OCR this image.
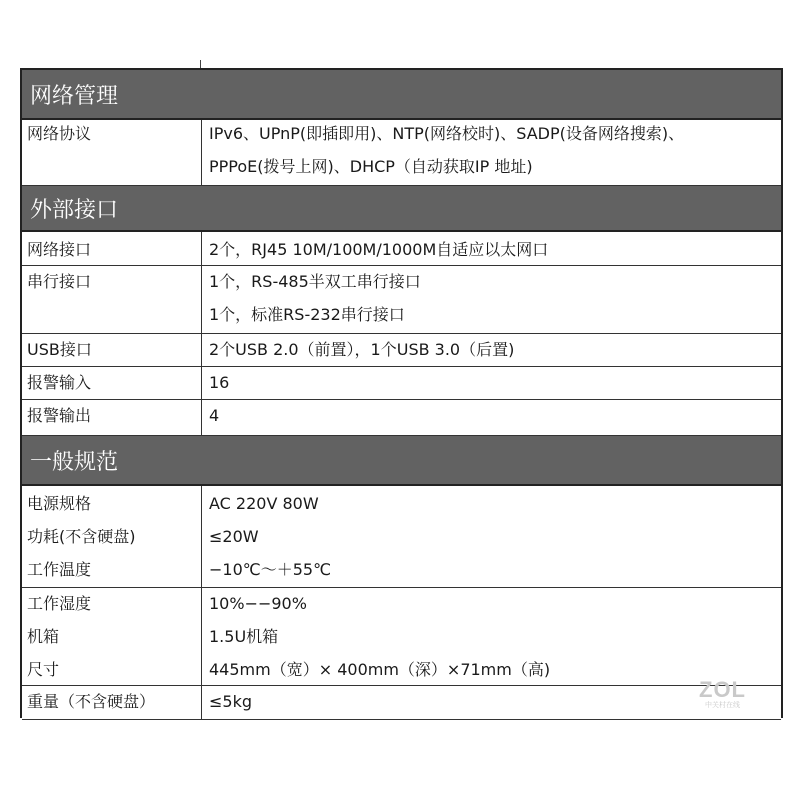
网络管理
网络协议	IPv6、UPnP(即插即用)、NTP(网络校时)、SADP(设备网络搜索)、
PPPoE(拨号上网)、DHCP（自动获取IP 地址)
外部接口
网络接口	2个，RJ45 10M/100M/1000M自适应以太网口
串行接口	1个，RS-485半双工串行接口
1个，标准RS-232串行接口
USB接口	2个USB 2.0（前置），1个USB 3.0（后置)
报警输入	16
报警输出	4
一般规范
电源规格	AC 220V 80W
功耗(不含硬盘)	≤20W
工作温度	−10℃～＋55℃
工作湿度	10%−−90%
机箱	1.5U机箱
尺寸	445mm（宽）× 400mm（深）×71mm（高)
重量（不含硬盘）	≤5kg	ZOL
中关村在线
